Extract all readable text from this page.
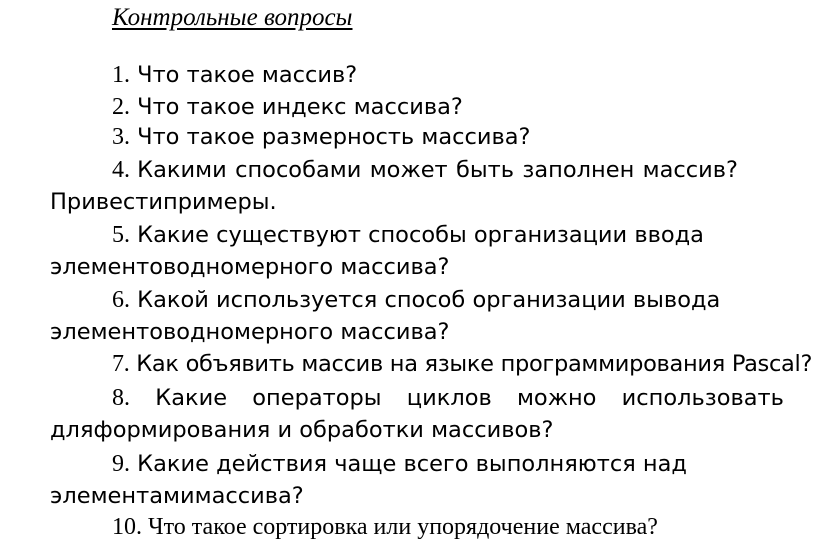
Контрольные вопросы
1. Что такое массив?
2. Что такое индекс массива?
3. Что такое размерность массива?
4. Какими способами может быть заполнен массив?
Привестипримеры.
5. Какие существуют способы организации ввода
элементоводномерного массива?
6. Какой используется способ организации вывода
элементоводномерного массива?
7. Как объявить массив на языке программирования Pascal?
8. Какие операторы циклов можно использовать
дляформирования и обработки массивов?
9. Какие действия чаще всего выполняются над
элементамимассива?
10. Что такое сортировка или упорядочение массива?
